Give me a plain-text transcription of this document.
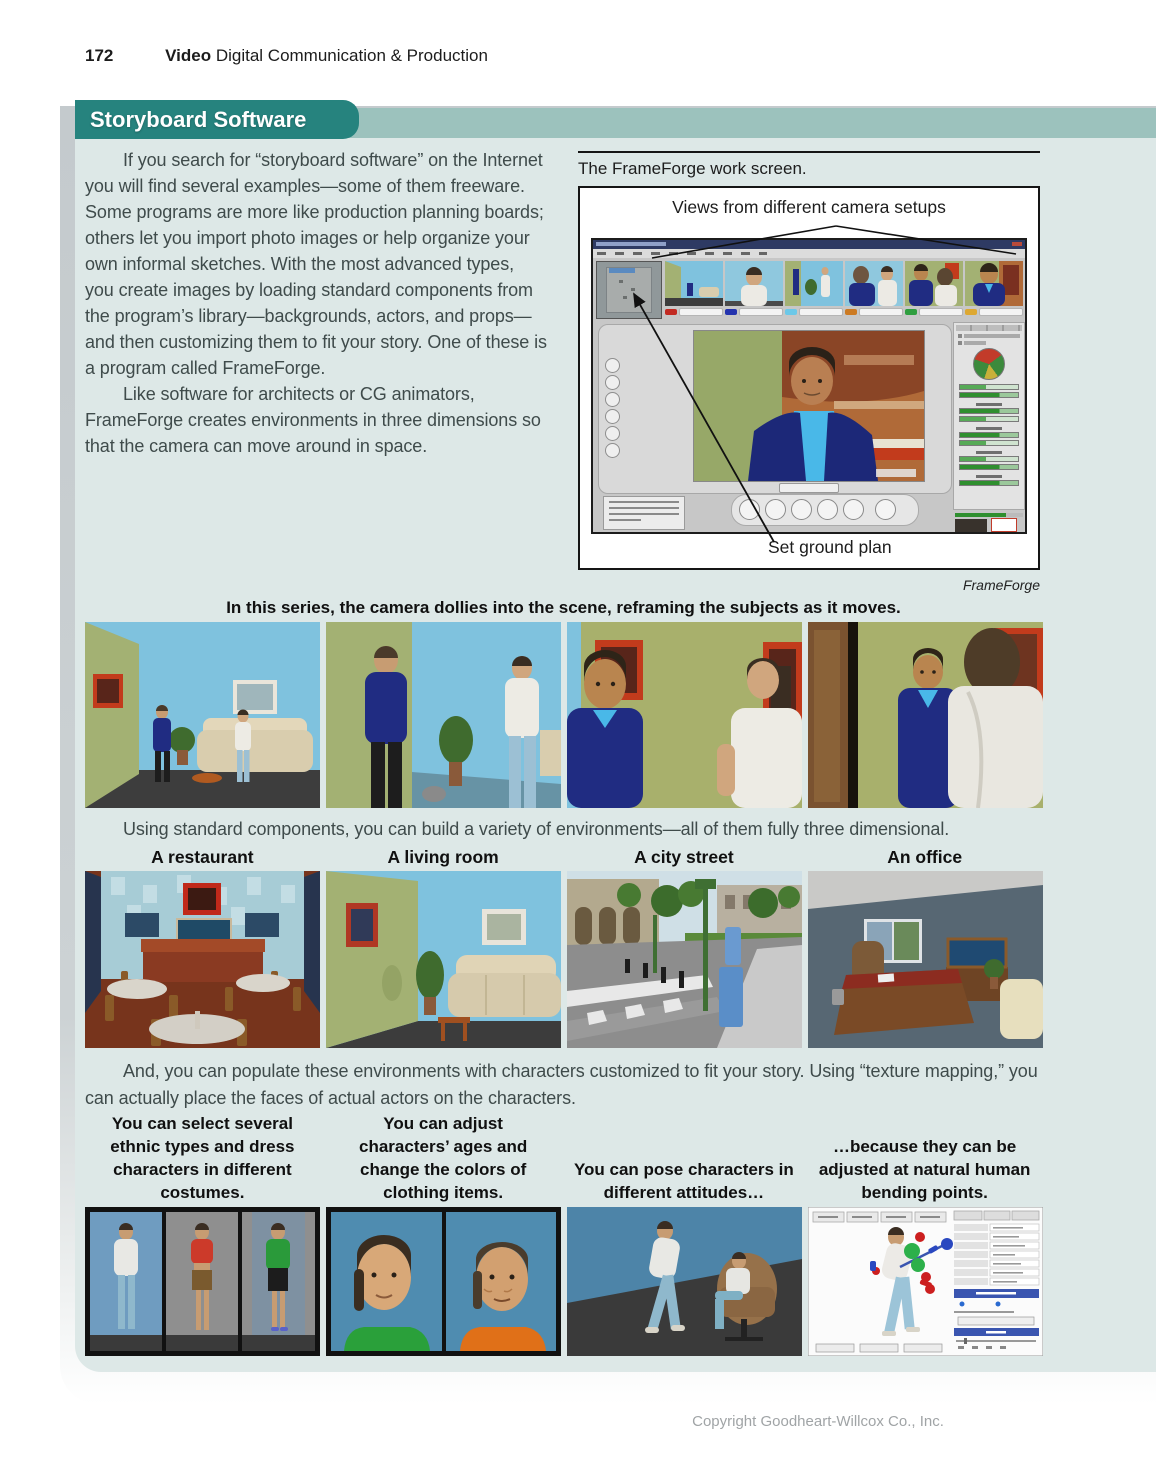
172	Video Digital Communication & Production
Storyboard Software

If you search for “storyboard software” on the Internet you will find several examples—some of them freeware. Some programs are more like production planning boards; others let you import photo images or help organize your own informal sketches. With the most advanced types, you create images by loading standard components from the program’s library—backgrounds, actors, and props—and then customizing them to fit your story. One of these is a program called FrameForge.

Like software for architects or CG animators, FrameForge creates environments in three dimensions so that the camera can move around in space.

The FrameForge work screen.
Views from different camera setups
Set ground plan
FrameForge
In this series, the camera dollies into the scene, reframing the subjects as it moves.
Using standard components, you can build a variety of environments—all of them fully three dimensional.
A restaurant	A living room	A city street	An office

And, you can populate these environments with characters customized to fit your story. Using “texture mapping,” you can actually place the faces of actual actors on the characters.

You can select several ethnic types and dress characters in different costumes.
You can adjust characters’ ages and change the colors of clothing items.
You can pose characters in different attitudes…
…because they can be adjusted at natural human bending points.
Copyright Goodheart-Willcox Co., Inc.
